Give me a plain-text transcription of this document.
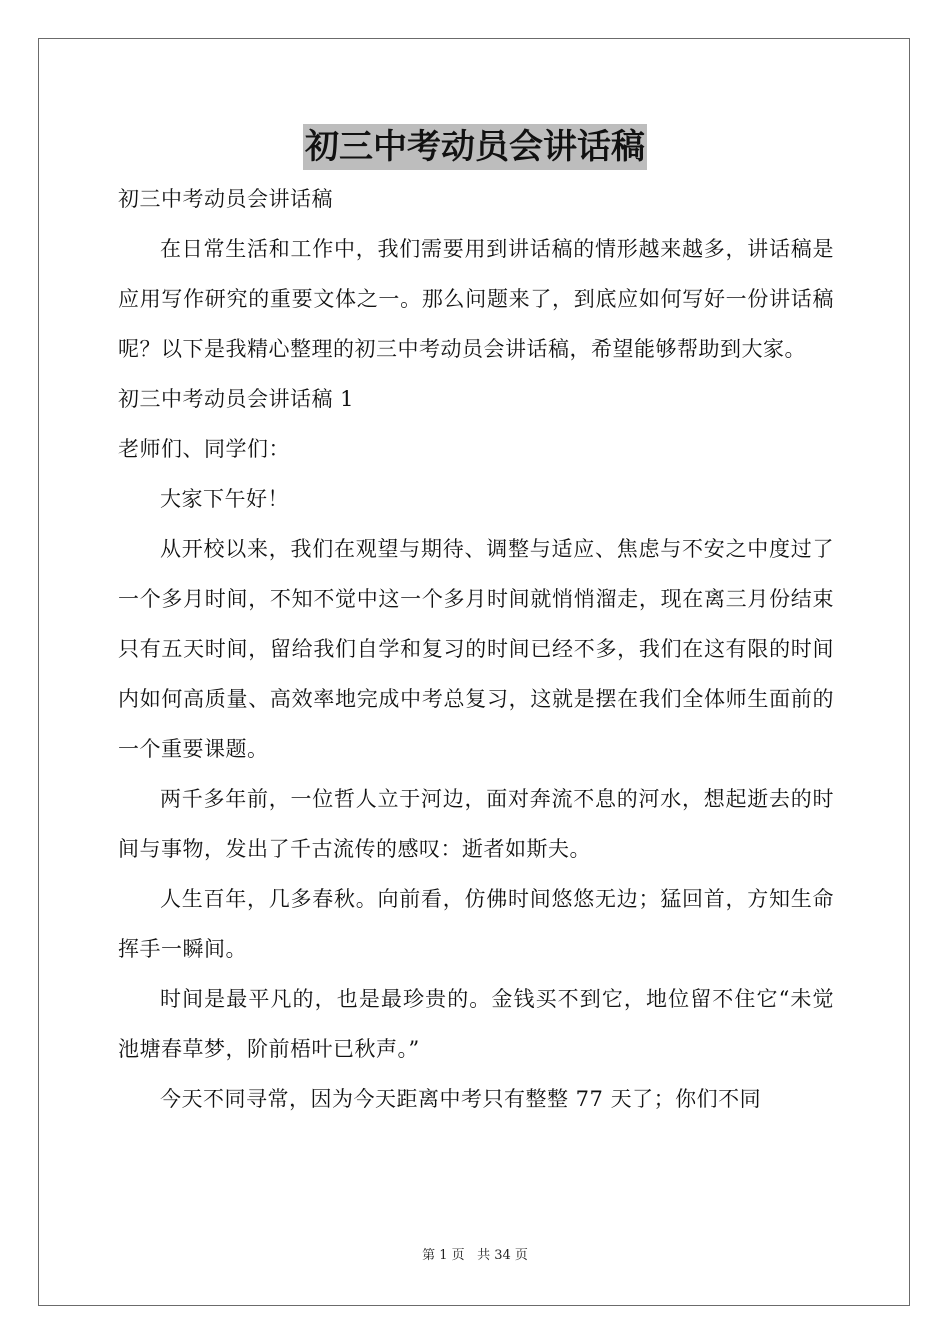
初三中考动员会讲话稿

初三中考动员会讲话稿

在日常生活和工作中，我们需要用到讲话稿的情形越来越多，讲话稿是应用写作研究的重要文体之一。那么问题来了，到底应如何写好一份讲话稿呢？以下是我精心整理的初三中考动员会讲话稿，希望能够帮助到大家。

初三中考动员会讲话稿 1

老师们、同学们：

大家下午好！

从开校以来，我们在观望与期待、调整与适应、焦虑与不安之中度过了一个多月时间，不知不觉中这一个多月时间就悄悄溜走，现在离三月份结束只有五天时间，留给我们自学和复习的时间已经不多，我们在这有限的时间内如何高质量、高效率地完成中考总复习，这就是摆在我们全体师生面前的一个重要课题。

两千多年前，一位哲人立于河边，面对奔流不息的河水，想起逝去的时间与事物，发出了千古流传的感叹：逝者如斯夫。

人生百年，几多春秋。向前看，仿佛时间悠悠无边；猛回首，方知生命挥手一瞬间。

时间是最平凡的，也是最珍贵的。金钱买不到它，地位留不住它“未觉池塘春草梦，阶前梧叶已秋声。”

今天不同寻常，因为今天距离中考只有整整 77 天了；你们不同

第 1 页 共 34 页
